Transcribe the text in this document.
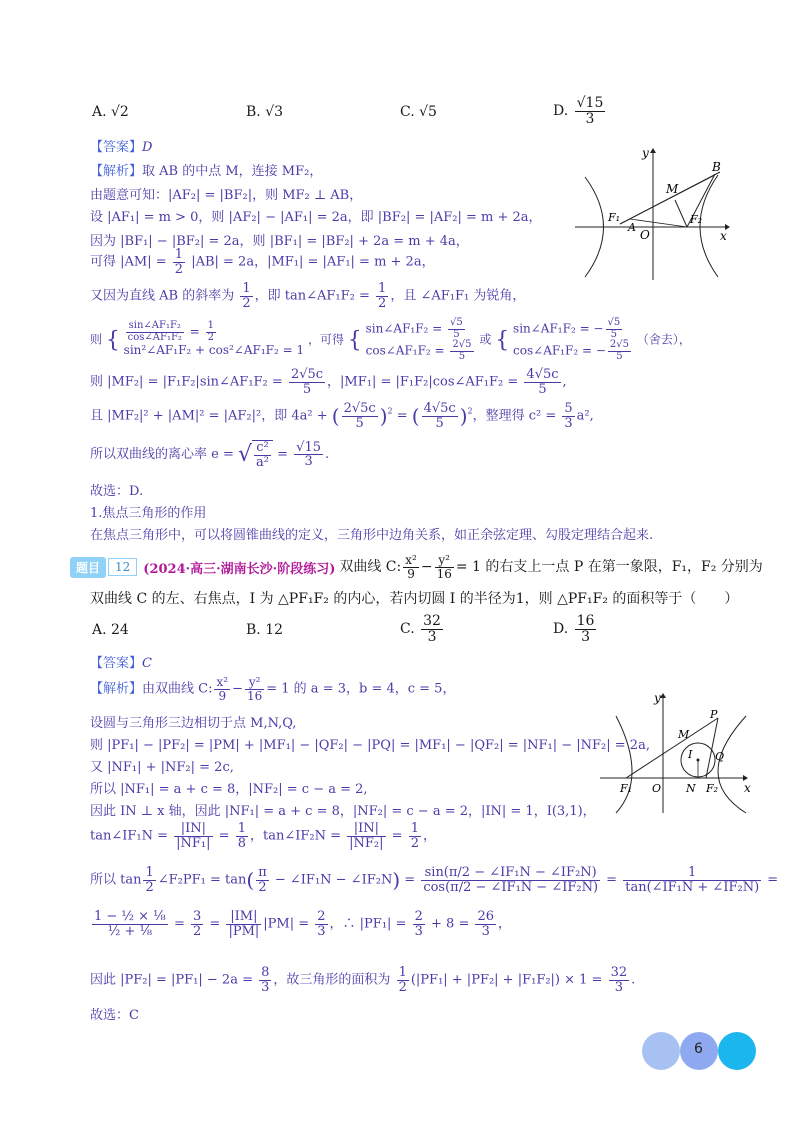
A. √2	B. √3	C. √5	D. $\frac{√15}{3}$
【答案】D
【解析】取 AB 的中点 M，连接 MF₂，
由题意可知：|AF₂| = |BF₂|，则 MF₂ ⊥ AB，
设 |AF₁| = m > 0，则 |AF₂| − |AF₁| = 2a，即 |BF₂| = |AF₂| = m + 2a，
因为 |BF₁| − |BF₂| = 2a，则 |BF₁| = |BF₂| + 2a = m + 4a，
可得 $|AM| = \frac{1}{2} |AB| = 2a$，|MF₁| = |AF₁| = m + 2a，
又因为直线 AB 的斜率为 $\frac{1}{2}$ ，即 tan∠AF₁F₂ = $\frac{1}{2}$ ，且 ∠AF₁F₁ 为锐角，
则 { $\frac{\text{sin∠AF₁F₂}}{\text{cos∠AF₁F₂}} = \frac{1}{2}$
sin²∠AF₁F₂ + cos²∠AF₁F₂ = 1
，可得 { sin∠AF₁F₂ = $\frac{√5}{5}$
cos∠AF₁F₂ = $\frac{2√5}{5}$
或 { sin∠AF₁F₂ = − $\frac{√5}{5}$
cos∠AF₁F₂ = − $\frac{2√5}{5}$
（舍去），
则 |MF₂| = |F₁F₂|sin∠AF₁F₂ = $\frac{2√5c}{5}$ ，|MF₁| = |F₁F₂|cos∠AF₁F₂ = $\frac{4√5c}{5}$ ,
且 |MF₂|² + |AM|² = |AF₂|²，即 4a² + ( $\frac{2√5c}{5} )^2$ = ( $\frac{4√5c}{5} )^2$，整理得 $c^2 = \frac{5}{3} a^2$,
所以双曲线的离心率 e = √ $\frac{\text{c²}}{\text{a²}} = \frac{√15}{3}$ .
故选：D.
1.焦点三角形的作用
在焦点三角形中，可以将圆锥曲线的定义，三角形中边角关系，如正余弦定理、勾股定理结合起来.
y
x
B
M
F₁
A
F₂
O
题目	12	(2024·高三·湖南长沙·阶段练习) 双曲线 C: $\frac{\text{x²}}{9} - \frac{\text{y²}}{16} = 1$ 的右支上一点 P 在第一象限，F₁，F₂ 分别为
双曲线 C 的左、右焦点，I 为 △PF₁F₂ 的内心，若内切圆 I 的半径为1，则 △PF₁F₂ 的面积等于（　　）
A. 24	B. 12	C. $\frac{32}{3}$	D. $\frac{16}{3}$
【答案】C
【解析】由双曲线 C: $\frac{\text{x²}}{9} - \frac{\text{y²}}{16} = 1$ 的 a = 3，b = 4，c = 5，
设圆与三角形三边相切于点 M,N,Q,
则 |PF₁| − |PF₂| = |PM| + |MF₁| − |QF₂| − |PQ| = |MF₁| − |QF₂| = |NF₁| − |NF₂| = 2a,
又 |NF₁| + |NF₂| = 2c,
所以 |NF₁| = a + c = 8，|NF₂| = c − a = 2,
因此 IN ⊥ x 轴，因此 |NF₁| = a + c = 8，|NF₂| = c − a = 2，|IN| = 1，I(3,1)，
tan∠IF₁N = $\frac{|IN|}{\text{|NF₁|}} = \frac{1}{8}$ ，tan∠IF₂N = $\frac{|IN|}{\text{|NF₂|}} = \frac{1}{2}$ ，
所以 $\tan \frac{1}{2}$ ∠F₂PF₁ = $\tan( \frac{\pi}{2}$ − ∠IF₁N − ∠IF₂N) = $\frac{\text{sin(π/2 − ∠IF₁N − ∠IF₂N)}}{\text{cos(π/2 − ∠IF₁N − ∠IF₂N)}} = \frac{1}{\text{tan(∠IF₁N + ∠IF₂N)}}$ =
$\frac{\text{1 − ½ × ⅛}}{\text{½ + ⅛}} = \frac{3}{2} = \frac{|IM|}{|PM|} |PM| = \frac{2}{3}$ ，∴ $|PF_1| = \frac{2}{3} + 8 = \frac{26}{3}$ ，
因此 $|PF_2| = |PF_1| - 2a = \frac{8}{3}$ ，故三角形的面积为 $\frac{1}{2} (|PF_1| + |PF_2| + |F_1F_2|) \times 1 = \frac{32}{3}$ .
故选：C
y
x
P
M
I Q
F₁ O N F₂
6
